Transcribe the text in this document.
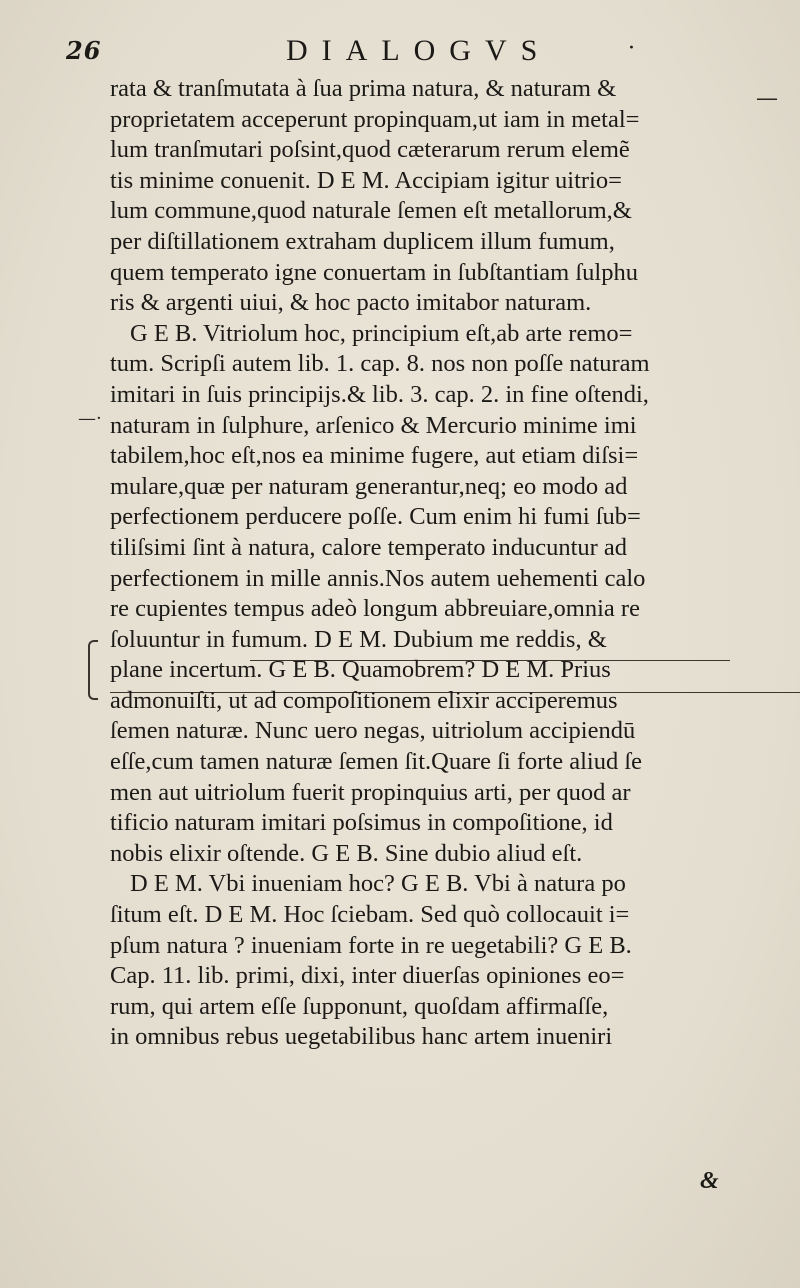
26	DIALOGVS	·
—
—·
rata & tranſmutata à ſua prima natura, & naturam &
proprietatem acceperunt propinquam,ut iam in metal=
lum tranſmutari poſsint,quod cæterarum rerum elemẽ
tis minime conuenit. D E M. Accipiam igitur uitrio=
lum commune,quod naturale ſemen eſt metallorum,&
per diſtillationem extraham duplicem illum fumum,
quem temperato igne conuertam in ſubſtantiam ſulphu
ris & argenti uiui, & hoc pacto imitabor naturam.
G E B. Vitriolum hoc, principium eſt,ab arte remo=
tum. Scripſi autem lib. 1. cap. 8. nos non poſſe naturam
imitari in ſuis principijs.& lib. 3. cap. 2. in fine oſtendi,
naturam in ſulphure, arſenico & Mercurio minime imi
tabilem,hoc eſt,nos ea minime fugere, aut etiam diſsi=
mulare,quæ per naturam generantur,neq; eo modo ad
perfectionem perducere poſſe. Cum enim hi fumi ſub=
tiliſsimi ſint à natura, calore temperato inducuntur ad
perfectionem in mille annis.Nos autem uehementi calo
re cupientes tempus adeò longum abbreuiare,omnia re
ſoluuntur in fumum. D E M. Dubium me reddis, &
plane incertum. G E B. Quamobrem? D E M. Prius
admonuiſti, ut ad compoſitionem elixir acciperemus
ſemen naturæ. Nunc uero negas, uitriolum accipiendū
eſſe,cum tamen naturæ ſemen ſit.Quare ſi forte aliud ſe
men aut uitriolum fuerit propinquius arti, per quod ar
tificio naturam imitari poſsimus in compoſitione, id
nobis elixir oſtende. G E B. Sine dubio aliud eſt.
D E M. Vbi inueniam hoc? G E B. Vbi à natura po
ſitum eſt. D E M. Hoc ſciebam. Sed quò collocauit i=
pſum natura ? inueniam forte in re uegetabili? G E B.
Cap. 11. lib. primi, dixi, inter diuerſas opiniones eo=
rum, qui artem eſſe ſupponunt, quoſdam affirmaſſe,
in omnibus rebus uegetabilibus hanc artem inueniri
&
